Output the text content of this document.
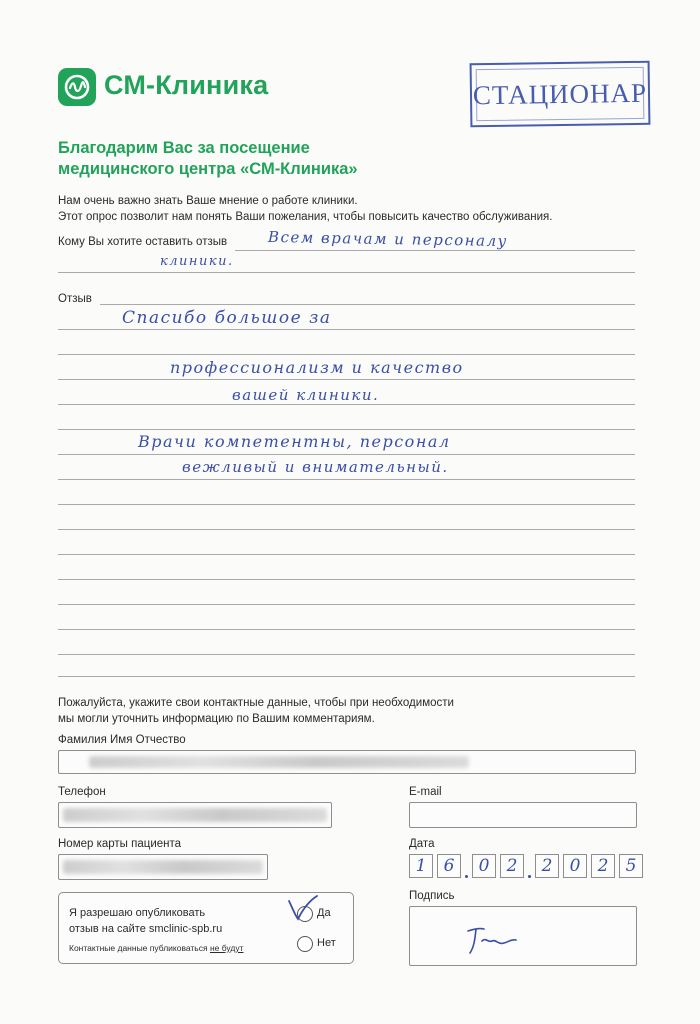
СМ-Клиника	СТАЦИОНАР
Благодарим Вас за посещение
медицинского центра «СМ-Клиника»
Нам очень важно знать Ваше мнение о работе клиники.
Этот опрос позволит нам понять Ваши пожелания, чтобы повысить качество обслуживания.
Кому Вы хотите оставить отзыв	Всем врачам и персоналу
клиники.
Отзыв
Спасибо большое за
профессионализм и качество
вашей клиники.
Врачи компетентны, персонал
вежливый и внимательный.
Пожалуйста, укажите свои контактные данные, чтобы при необходимости
мы могли уточнить информацию по Вашим комментариям.
Фамилия Имя Отчество
Телефон	E-mail
Номер карты пациента	Дата
1	6	0	2	2	0	2	5
Я разрешаю опубликовать
отзыв на сайте smclinic-spb.ru
Контактные данные публиковаться не будут
Да
Нет
Подпись
